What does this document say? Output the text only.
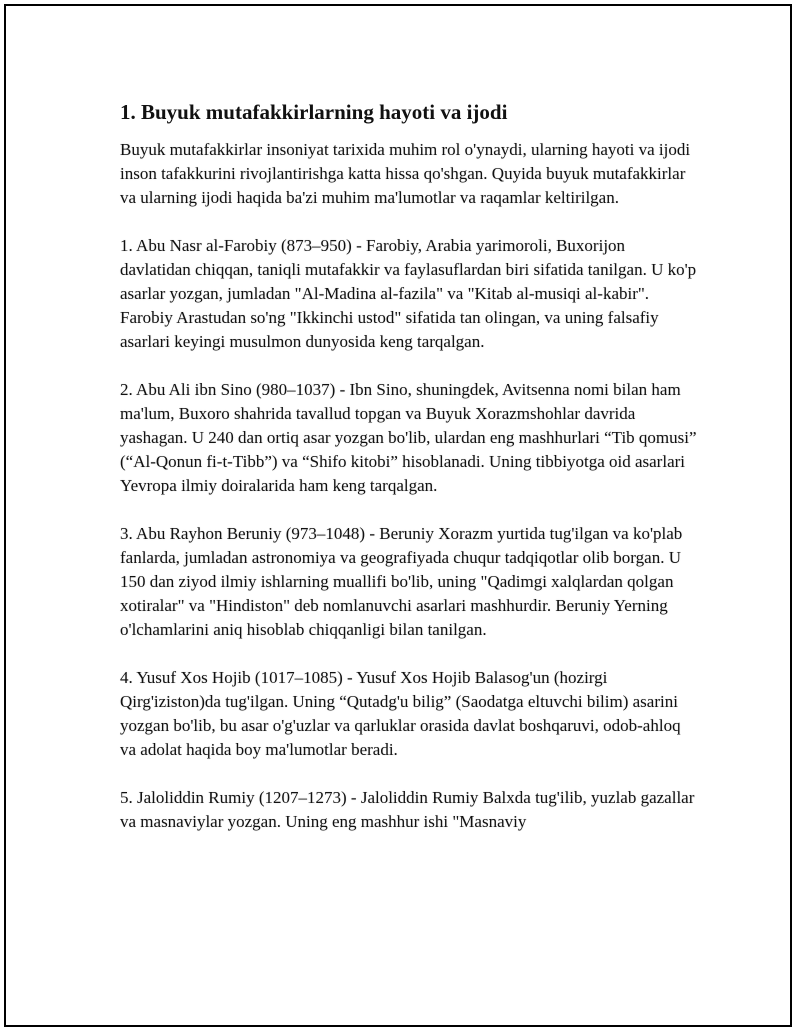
1. Buyuk mutafakkirlarning hayoti va ijodi

Buyuk mutafakkirlar insoniyat tarixida muhim rol o'ynaydi, ularning hayoti va ijodi inson tafakkurini rivojlantirishga katta hissa qo'shgan. Quyida buyuk mutafakkirlar va ularning ijodi haqida ba'zi muhim ma'lumotlar va raqamlar keltirilgan.

1. Abu Nasr al-Farobiy (873–950) - Farobiy, Arabia yarimoroli, Buxorijon davlatidan chiqqan, taniqli mutafakkir va faylasuflardan biri sifatida tanilgan. U ko'p asarlar yozgan, jumladan "Al-Madina al-fazila" va "Kitab al-musiqi al-kabir". Farobiy Arastudan so'ng "Ikkinchi ustod" sifatida tan olingan, va uning falsafiy asarlari keyingi musulmon dunyosida keng tarqalgan.

2. Abu Ali ibn Sino (980–1037) - Ibn Sino, shuningdek, Avitsenna nomi bilan ham ma'lum, Buxoro shahrida tavallud topgan va Buyuk Xorazmshohlar davrida yashagan. U 240 dan ortiq asar yozgan bo'lib, ulardan eng mashhurlari “Tib qomusi” (“Al-Qonun fi-t-Tibb”) va “Shifo kitobi” hisoblanadi. Uning tibbiyotga oid asarlari Yevropa ilmiy doiralarida ham keng tarqalgan.

3. Abu Rayhon Beruniy (973–1048) - Beruniy Xorazm yurtida tug'ilgan va ko'plab fanlarda, jumladan astronomiya va geografiyada chuqur tadqiqotlar olib borgan. U 150 dan ziyod ilmiy ishlarning muallifi bo'lib, uning "Qadimgi xalqlardan qolgan xotiralar" va "Hindiston" deb nomlanuvchi asarlari mashhurdir. Beruniy Yerning o'lchamlarini aniq hisoblab chiqqanligi bilan tanilgan.

4. Yusuf Xos Hojib (1017–1085) - Yusuf Xos Hojib Balasog'un (hozirgi Qirg'iziston)da tug'ilgan. Uning “Qutadg'u bilig” (Saodatga eltuvchi bilim) asarini yozgan bo'lib, bu asar o'g'uzlar va qarluklar orasida davlat boshqaruvi, odob-ahloq va adolat haqida boy ma'lumotlar beradi.

5. Jaloliddin Rumiy (1207–1273) - Jaloliddin Rumiy Balxda tug'ilib, yuzlab gazallar va masnaviylar yozgan. Uning eng mashhur ishi "Masnaviy
